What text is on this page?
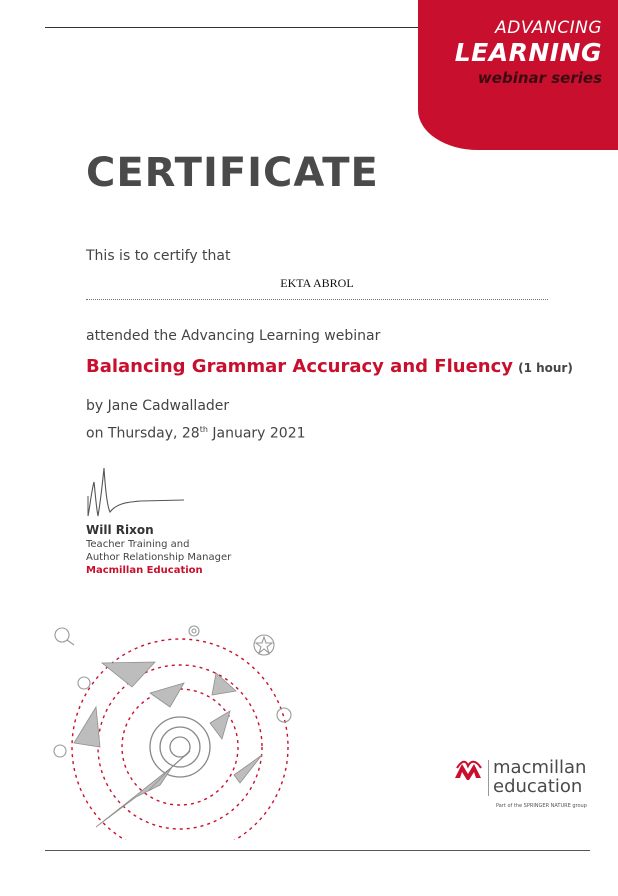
ADVANCING
LEARNING
webinar series
CERTIFICATE
This is to certify that
EKTA ABROL
attended the Advancing Learning webinar
Balancing Grammar Accuracy and Fluency (1 hour)
by Jane Cadwallader
on Thursday, 28th January 2021
Will Rixon
Teacher Training and
Author Relationship Manager
Macmillan Education
macmillan
education
Part of the SPRINGER NATURE group
